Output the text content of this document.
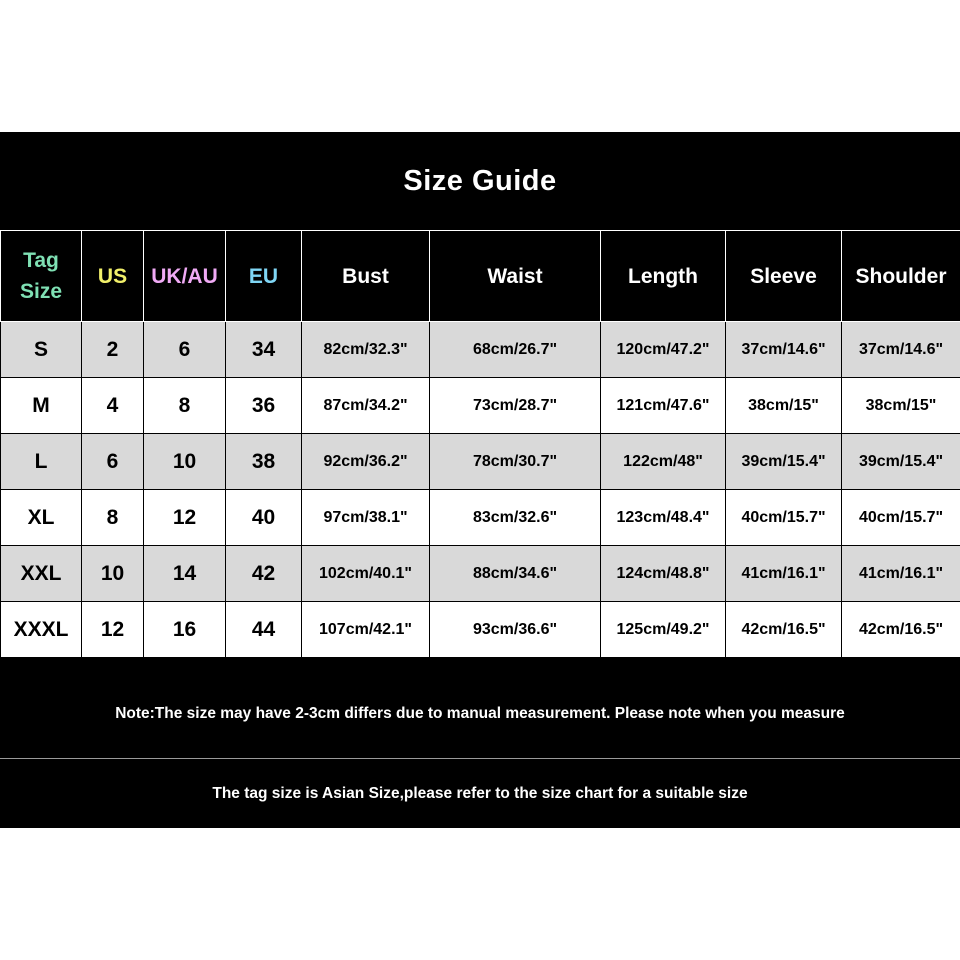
Size Guide
Tag
Size	US	UK/AU	EU	Bust	Waist	Length	Sleeve	Shoulder
S	2	6	34	82cm/32.3"	68cm/26.7"	120cm/47.2"	37cm/14.6"	37cm/14.6"
M	4	8	36	87cm/34.2"	73cm/28.7"	121cm/47.6"	38cm/15"	38cm/15"
L	6	10	38	92cm/36.2"	78cm/30.7"	122cm/48"	39cm/15.4"	39cm/15.4"
XL	8	12	40	97cm/38.1"	83cm/32.6"	123cm/48.4"	40cm/15.7"	40cm/15.7"
XXL	10	14	42	102cm/40.1"	88cm/34.6"	124cm/48.8"	41cm/16.1"	41cm/16.1"
XXXL	12	16	44	107cm/42.1"	93cm/36.6"	125cm/49.2"	42cm/16.5"	42cm/16.5"
Note:The size may have 2-3cm differs due to manual measurement. Please note when you measure
The tag size is Asian Size,please refer to the size chart for a suitable size
